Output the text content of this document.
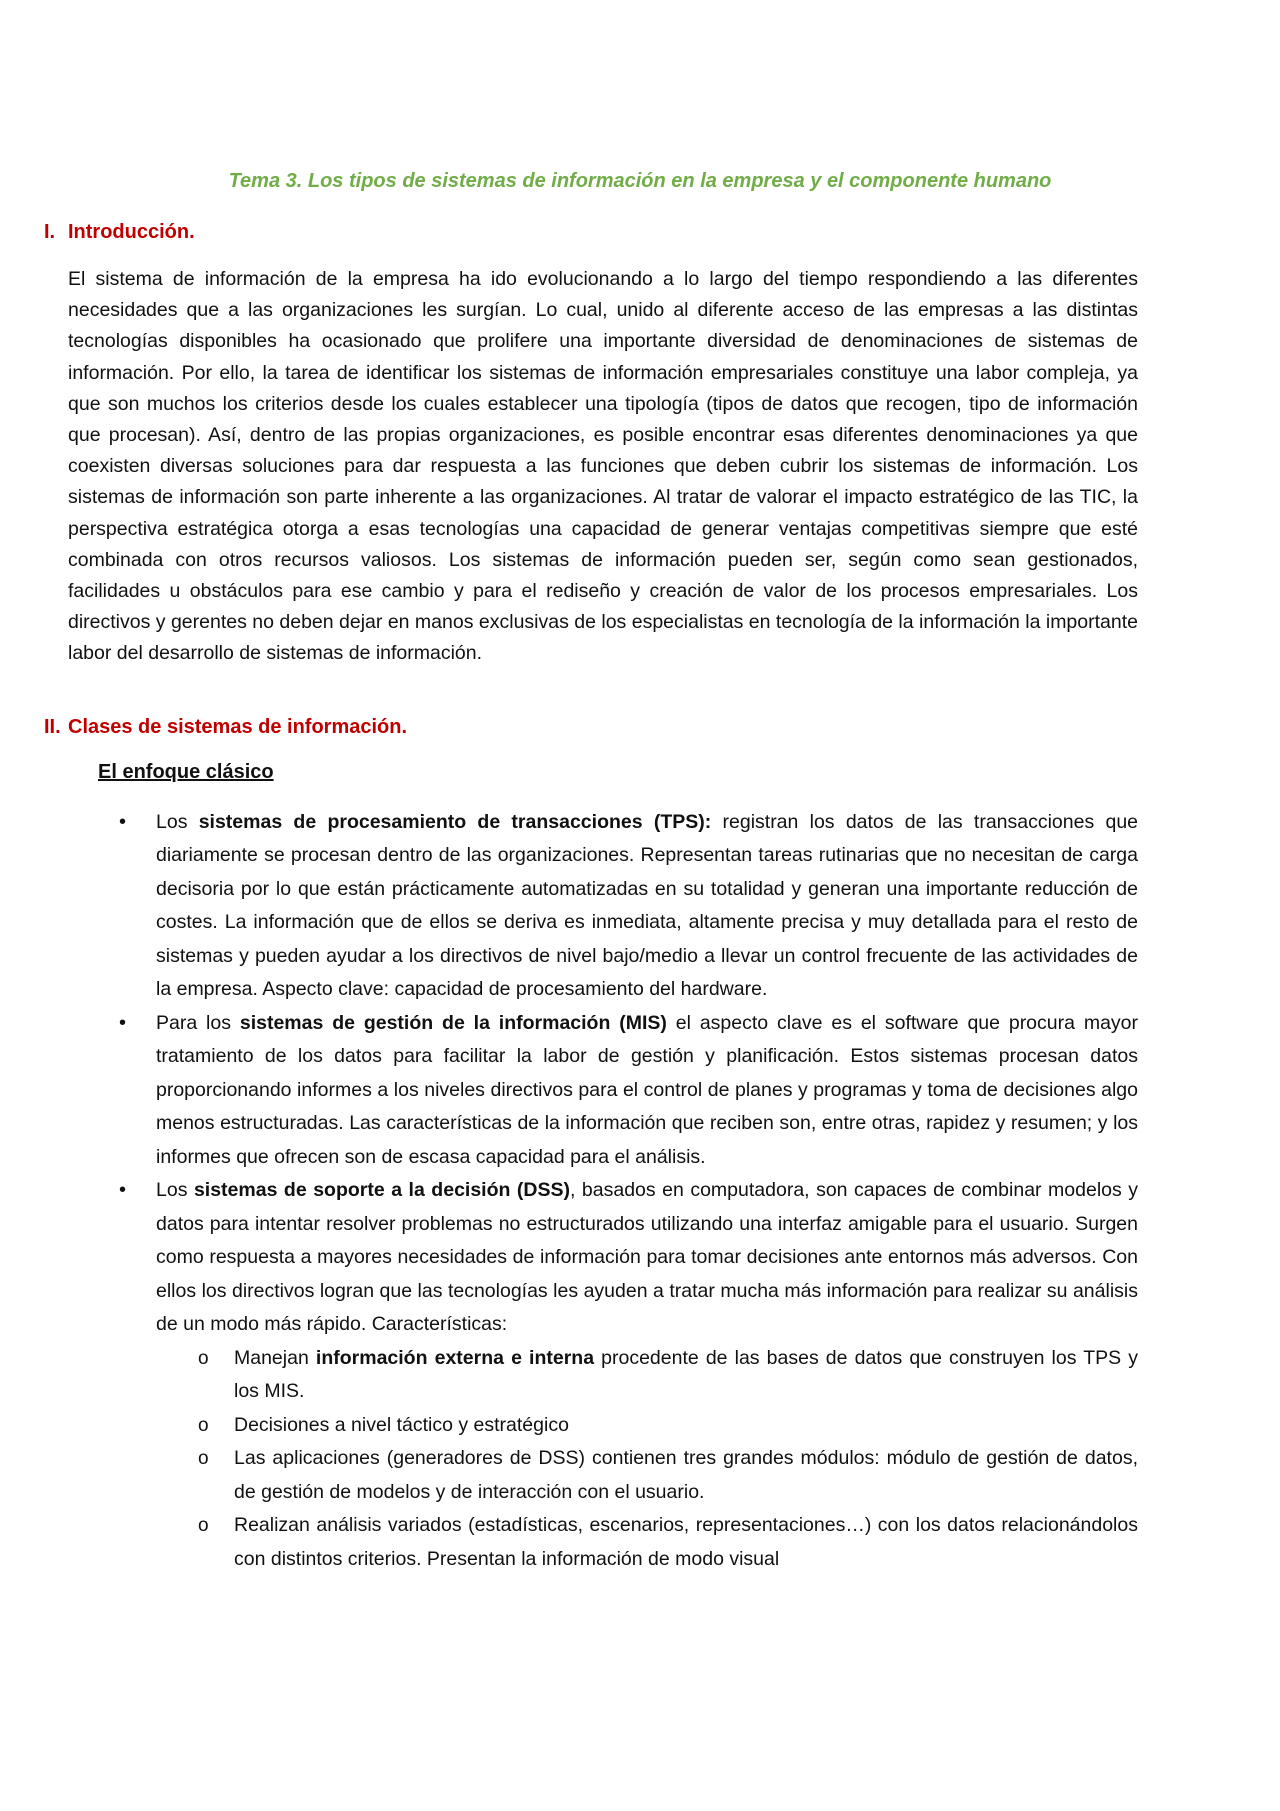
Tema 3. Los tipos de sistemas de información en la empresa y el componente humano
I. Introducción.

El sistema de información de la empresa ha ido evolucionando a lo largo del tiempo respondiendo a las diferentes necesidades que a las organizaciones les surgían. Lo cual, unido al diferente acceso de las empresas a las distintas tecnologías disponibles ha ocasionado que prolifere una importante diversidad de denominaciones de sistemas de información. Por ello, la tarea de identificar los sistemas de información empresariales constituye una labor compleja, ya que son muchos los criterios desde los cuales establecer una tipología (tipos de datos que recogen, tipo de información que procesan). Así, dentro de las propias organizaciones, es posible encontrar esas diferentes denominaciones ya que coexisten diversas soluciones para dar respuesta a las funciones que deben cubrir los sistemas de información. Los sistemas de información son parte inherente a las organizaciones. Al tratar de valorar el impacto estratégico de las TIC, la perspectiva estratégica otorga a esas tecnologías una capacidad de generar ventajas competitivas siempre que esté combinada con otros recursos valiosos. Los sistemas de información pueden ser, según como sean gestionados, facilidades u obstáculos para ese cambio y para el rediseño y creación de valor de los procesos empresariales. Los directivos y gerentes no deben dejar en manos exclusivas de los especialistas en tecnología de la información la importante labor del desarrollo de sistemas de información.

II. Clases de sistemas de información.
El enfoque clásico
• Los sistemas de procesamiento de transacciones (TPS): registran los datos de las transacciones que diariamente se procesan dentro de las organizaciones. Representan tareas rutinarias que no necesitan de carga decisoria por lo que están prácticamente automatizadas en su totalidad y generan una importante reducción de costes. La información que de ellos se deriva es inmediata, altamente precisa y muy detallada para el resto de sistemas y pueden ayudar a los directivos de nivel bajo/medio a llevar un control frecuente de las actividades de la empresa. Aspecto clave: capacidad de procesamiento del hardware.
• Para los sistemas de gestión de la información (MIS) el aspecto clave es el software que procura mayor tratamiento de los datos para facilitar la labor de gestión y planificación. Estos sistemas procesan datos proporcionando informes a los niveles directivos para el control de planes y programas y toma de decisiones algo menos estructuradas. Las características de la información que reciben son, entre otras, rapidez y resumen; y los informes que ofrecen son de escasa capacidad para el análisis.
• Los sistemas de soporte a la decisión (DSS), basados en computadora, son capaces de combinar modelos y datos para intentar resolver problemas no estructurados utilizando una interfaz amigable para el usuario. Surgen como respuesta a mayores necesidades de información para tomar decisiones ante entornos más adversos. Con ellos los directivos logran que las tecnologías les ayuden a tratar mucha más información para realizar su análisis de un modo más rápido. Características:
o Manejan información externa e interna procedente de las bases de datos que construyen los TPS y los MIS.
o Decisiones a nivel táctico y estratégico
o Las aplicaciones (generadores de DSS) contienen tres grandes módulos: módulo de gestión de datos, de gestión de modelos y de interacción con el usuario.
o Realizan análisis variados (estadísticas, escenarios, representaciones…) con los datos relacionándolos con distintos criterios. Presentan la información de modo visual
